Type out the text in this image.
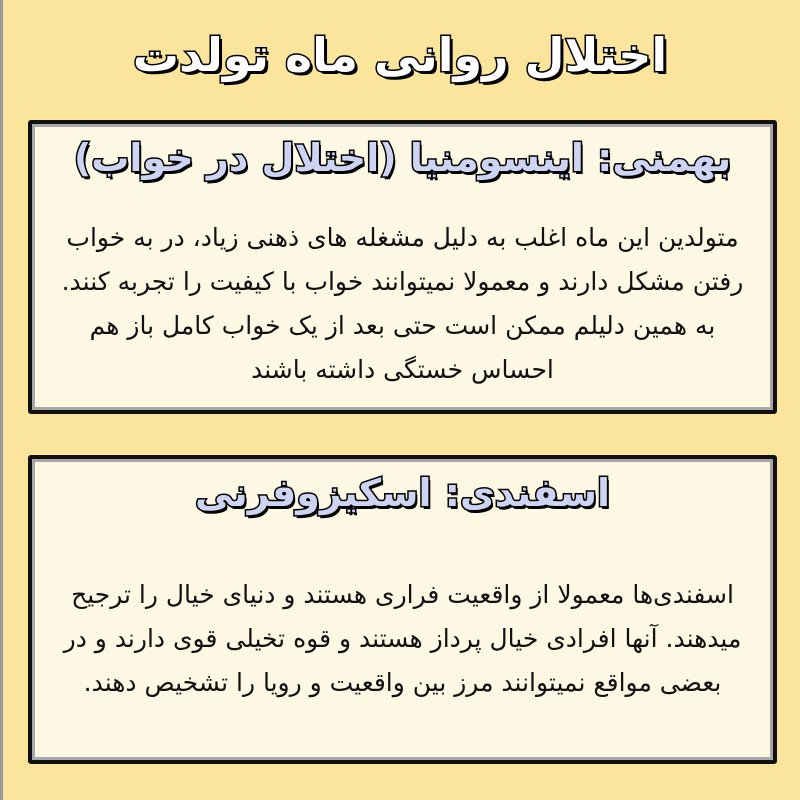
اختلال روانی ماه تولدت
بهمنی: اینسومنیا (اختلال در خواب)
متولدین این ماه اغلب به دلیل مشغله های ذهنی زیاد، در به خواب رفتن مشکل دارند و معمولا نمیتوانند خواب با کیفیت را تجربه کنند. به همین دلیلم ممکن است حتی بعد از یک خواب کامل باز هم احساس خستگی داشته باشند
اسفندی: اسکیزوفرنی
اسفندی‌ها معمولا از واقعیت فراری هستند و دنیای خیال را ترجیح میدهند. آنها افرادی خیال پرداز هستند و قوه تخیلی قوی دارند و در بعضی مواقع نمیتوانند مرز بین واقعیت و رویا را تشخیص دهند.
